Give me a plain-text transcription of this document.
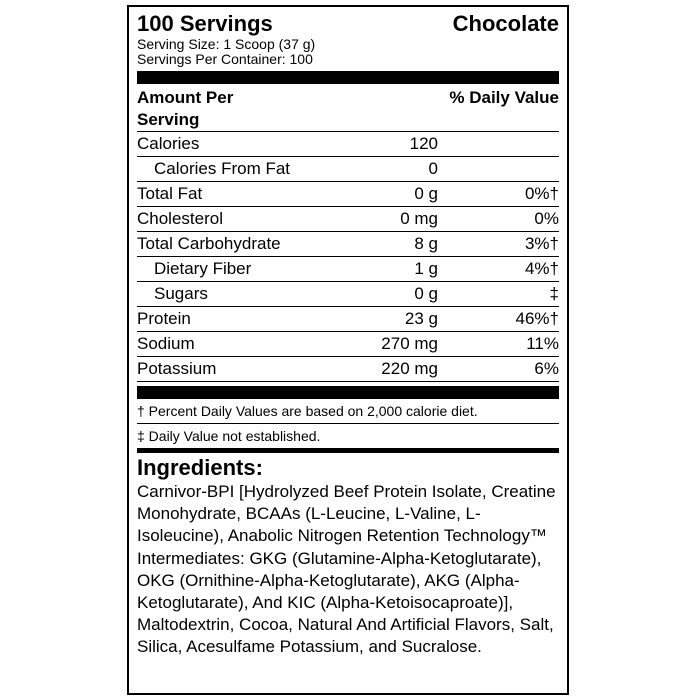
100 Servings	Chocolate
Serving Size: 1 Scoop (37 g)
Servings Per Container: 100
Amount Per Serving
% Daily Value
Calories	120
Calories From Fat	0
Total Fat	0 g	0%†
Cholesterol	0 mg	0%
Total Carbohydrate	8 g	3%†
Dietary Fiber	1 g	4%†
Sugars	0 g	‡
Protein	23 g	46%†
Sodium	270 mg	11%
Potassium	220 mg	6%
† Percent Daily Values are based on 2,000 calorie diet.
‡ Daily Value not established.
Ingredients:
Carnivor-BPI [Hydrolyzed Beef Protein Isolate, Creatine Monohydrate, BCAAs (L-Leucine, L-Valine, L-Isoleucine), Anabolic Nitrogen Retention Technology™ Intermediates: GKG (Glutamine-Alpha-Ketoglutarate), OKG (Ornithine-Alpha-Ketoglutarate), AKG (Alpha-Ketoglutarate), And KIC (Alpha-Ketoisocaproate)], Maltodextrin, Cocoa, Natural And Artificial Flavors, Salt, Silica, Acesulfame Potassium, and Sucralose.
